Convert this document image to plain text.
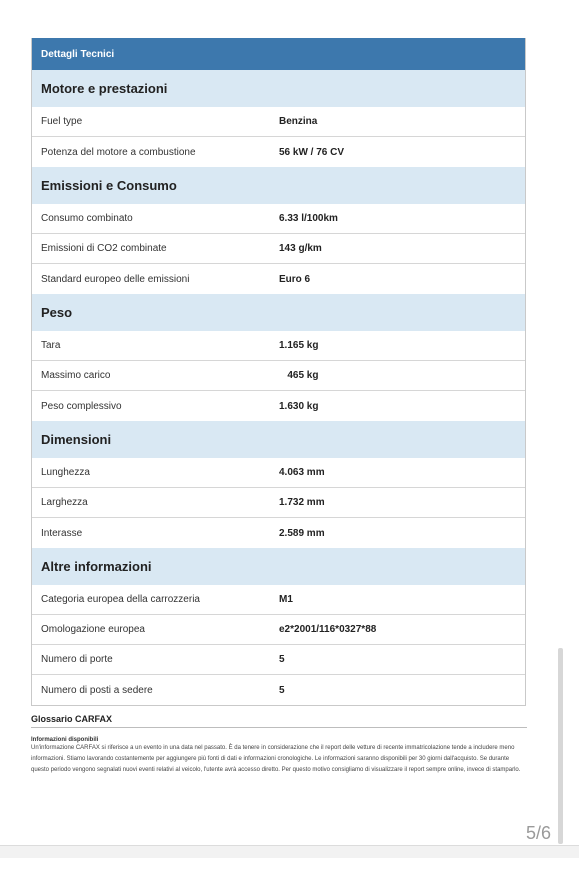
Dettagli Tecnici
Motore e prestazioni
Fuel type	Benzina
Potenza del motore a combustione	56 kW / 76 CV
Emissioni e Consumo
Consumo combinato	6.33 l/100km
Emissioni di CO2 combinate	143 g/km
Standard europeo delle emissioni	Euro 6
Peso
Tara	1.165 kg
Massimo carico	465 kg
Peso complessivo	1.630 kg
Dimensioni
Lunghezza	4.063 mm
Larghezza	1.732 mm
Interasse	2.589 mm
Altre informazioni
Categoria europea della carrozzeria	M1
Omologazione europea	e2*2001/116*0327*88
Numero di porte	5
Numero di posti a sedere	5
Glossario CARFAX
Informazioni disponibili
Un'informazione CARFAX si riferisce a un evento in una data nel passato. È da tenere in considerazione che il report delle vetture di recente immatricolazione tende a includere meno informazioni. Stiamo lavorando costantemente per aggiungere più fonti di dati e informazioni cronologiche. Le informazioni saranno disponibili per 30 giorni dall'acquisto. Se durante questo periodo vengono segnalati nuovi eventi relativi al veicolo, l'utente avrà accesso diretto. Per questo motivo consigliamo di visualizzare il report sempre online, invece di stamparlo.
5/6
